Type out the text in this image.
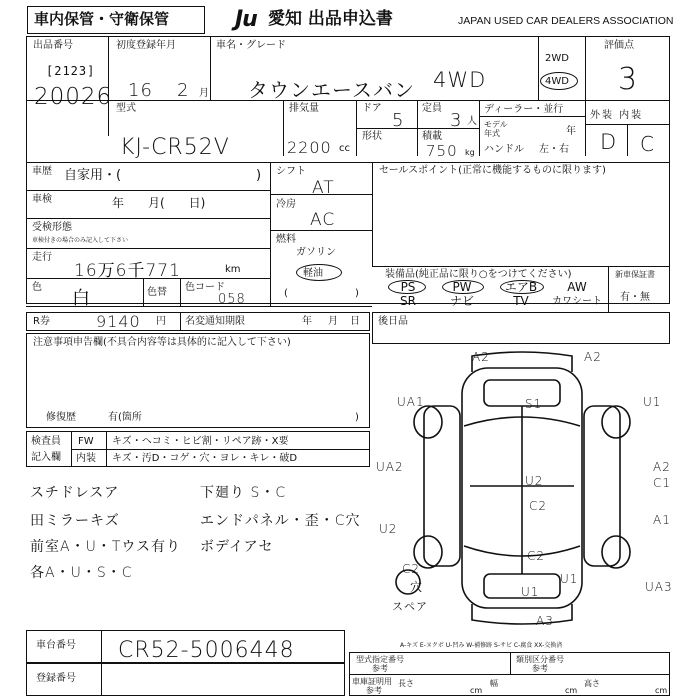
車内保管・守衛保管	Ju 愛知 出品申込書	JAPAN USED CAR DEALERS ASSOCIATION
出品番号
[2123]
20026
初度登録年月
16 2 月
車名・グレード
タウンエースバン 4WD
2WD
4WD
評価点
3
型式
KJ-CR52V
排気量
2200 cc
ドア
5
定員
3 人
形状	積載
750 kg
ディーラー・並行
モデル 年式	年
ハンドル 左・右
外装 内装
D C
車歴 自家用・(	)
車検	年　　月(　　日)
受検形態
車検付きの場合のみ記入して下さい
走行
16万6千771	km
色
白	色替 色コード
058
シフト
AT
冷房
AC
燃料
ガソリン
軽油
(	)
セールスポイント(正常に機能するものに限ります)
装備品(純正品に限り○をつけてください)
PS	PW	エアB	AW
SR	ナビ	TV	カワシート
新車保証書
有・無
R券	9140 円 名変通知期限	年 月 日 後日品
注意事項申告欄(不具合内容等は具体的に記入して下さい)
修復歴	有(箇所	)
検査員
記入欄
FW キズ・ヘコミ・ヒビ割・リペア跡・X要
内装 キズ・汚D・コゲ・穴・ヨレ・キレ・破D
スチドレスア
田ミラーキズ
前室A・U・Tウス有り
各A・U・S・C
下廻り S・C
エンドパネル・歪・C穴
ボデイアセ
A2	A2
UA1	S1	U1
UA2
U2
C2
A2
C1
A1
U2
C2
UA3
C2
穴
スペア
U1
A3
U1
A-キズ E-ヌクボ U-凹み W-補修跡 S-サビ C-腐食 XX-交換済
車台番号 CR52-5006448
登録番号
型式指定番号
参考
類別区分番号
参考
車庫証明用
参考
長さ
cm
幅
cm
高さ
cm
